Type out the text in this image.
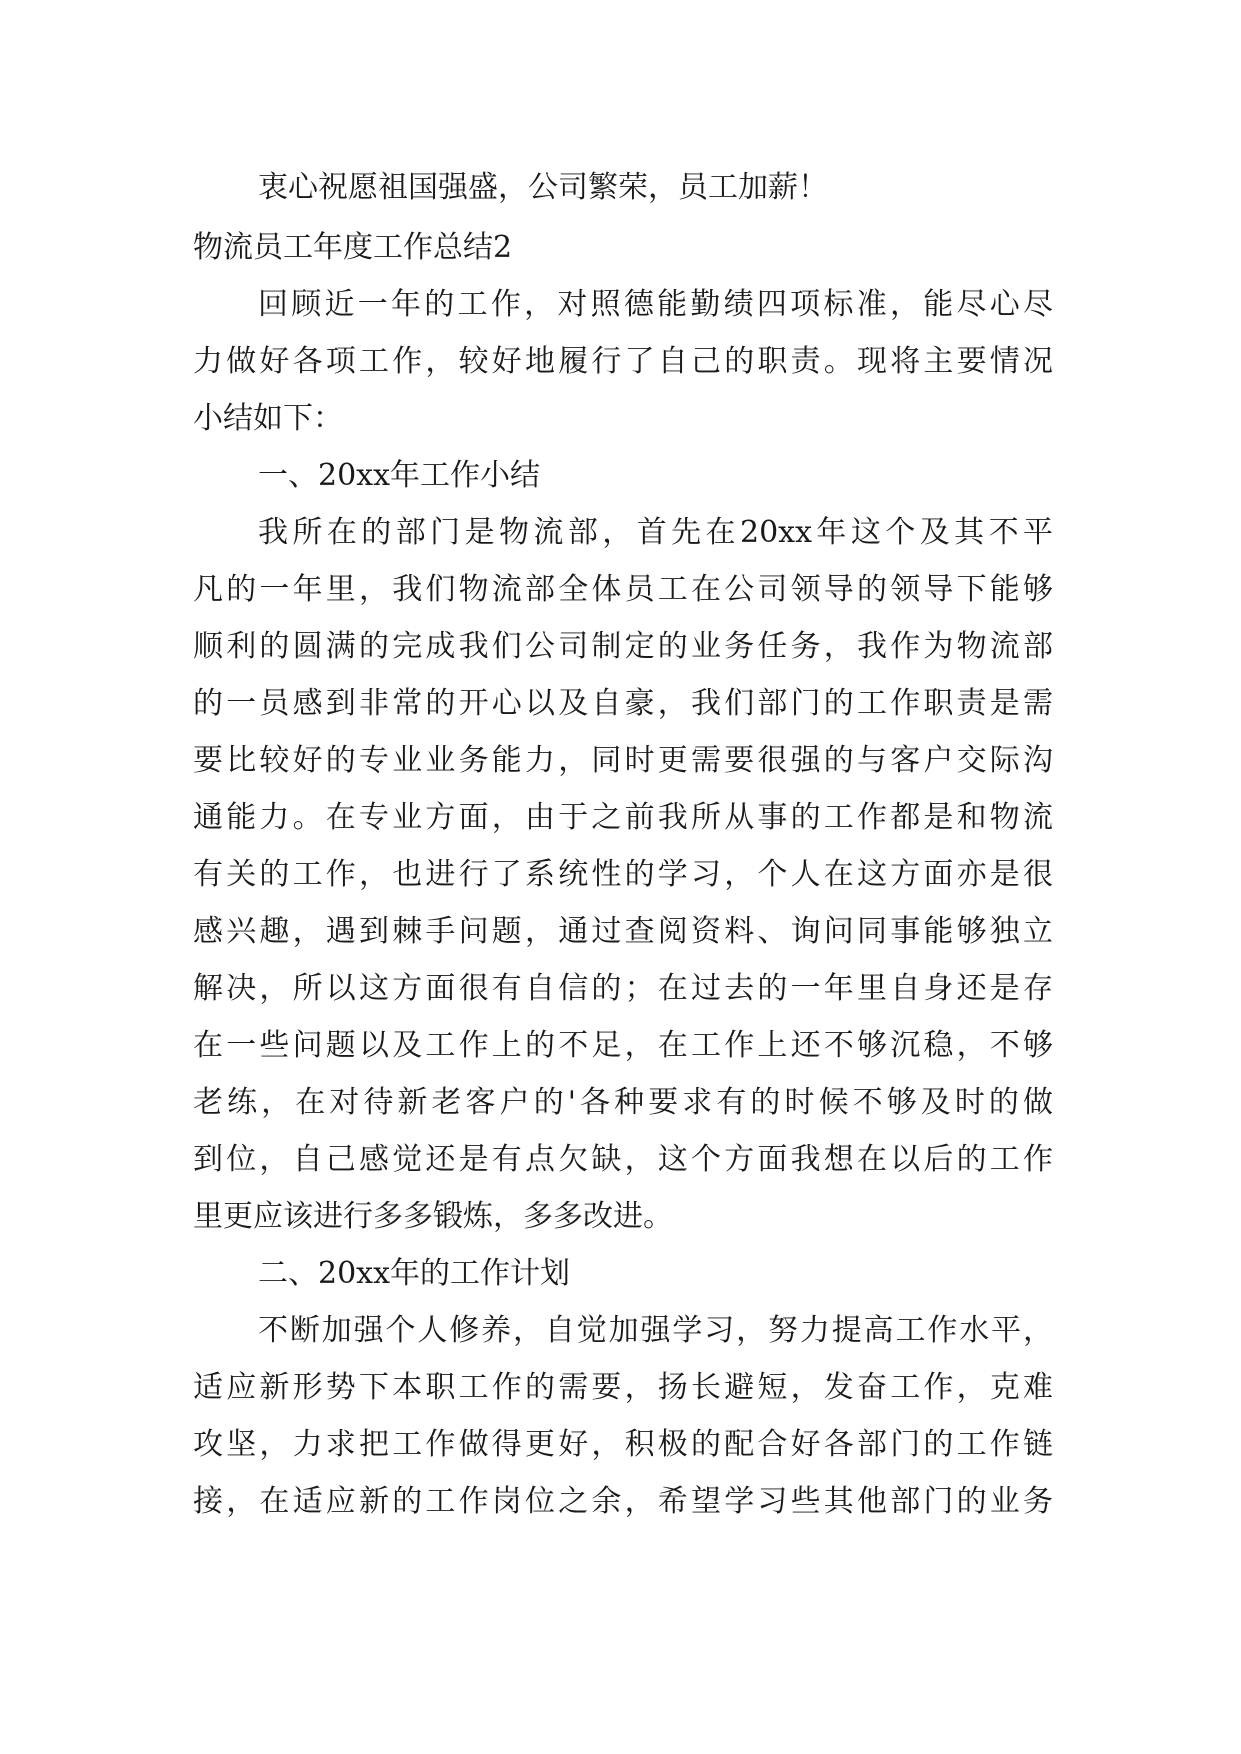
衷心祝愿祖国强盛，公司繁荣，员工加薪！

物流员工年度工作总结2

回顾近一年的工作，对照德能勤绩四项标准，能尽心尽

力做好各项工作，较好地履行了自己的职责。现将主要情况

小结如下：

一、20xx年工作小结

我所在的部门是物流部，首先在20xx年这个及其不平

凡的一年里，我们物流部全体员工在公司领导的领导下能够

顺利的圆满的完成我们公司制定的业务任务，我作为物流部

的一员感到非常的开心以及自豪，我们部门的工作职责是需

要比较好的专业业务能力，同时更需要很强的与客户交际沟

通能力。在专业方面，由于之前我所从事的工作都是和物流

有关的工作，也进行了系统性的学习，个人在这方面亦是很

感兴趣，遇到棘手问题，通过查阅资料、询问同事能够独立

解决，所以这方面很有自信的；在过去的一年里自身还是存

在一些问题以及工作上的不足，在工作上还不够沉稳，不够

老练，在对待新老客户的'各种要求有的时候不够及时的做

到位，自己感觉还是有点欠缺，这个方面我想在以后的工作

里更应该进行多多锻炼，多多改进。

二、20xx年的工作计划

不断加强个人修养，自觉加强学习，努力提高工作水平，

适应新形势下本职工作的需要，扬长避短，发奋工作，克难

攻坚，力求把工作做得更好，积极的配合好各部门的工作链

接，在适应新的工作岗位之余，希望学习些其他部门的业务
